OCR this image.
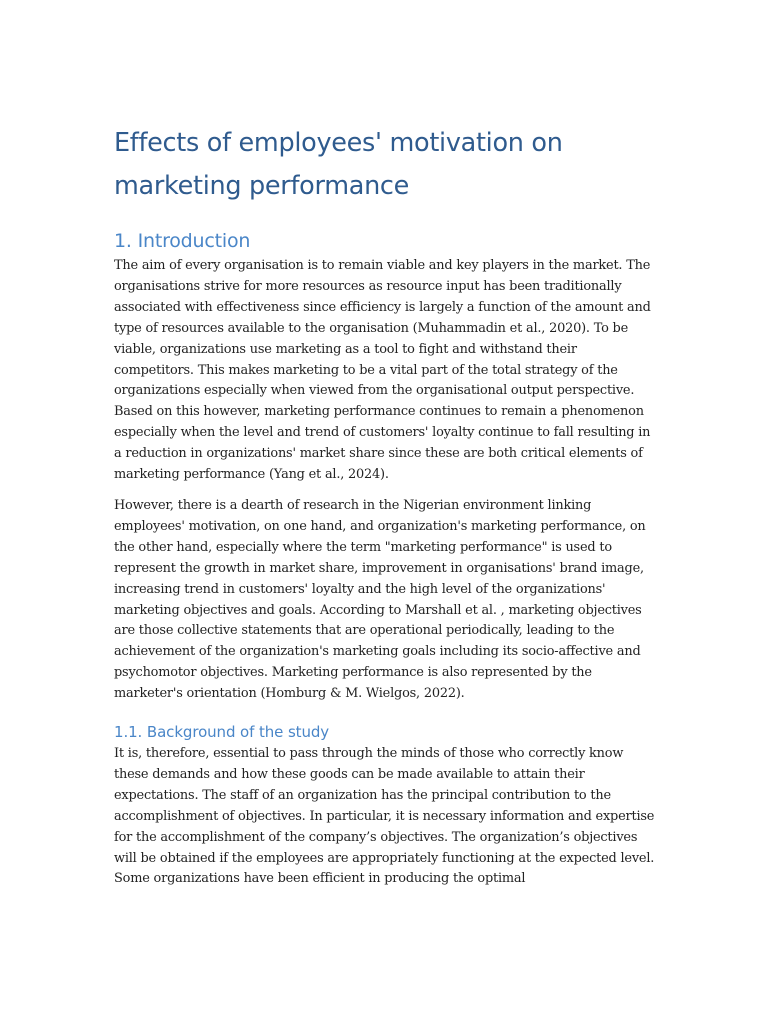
Effects of employees' motivation on marketing performance
1. Introduction

The aim of every organisation is to remain viable and key players in the market. The organisations strive for more resources as resource input has been traditionally associated with effectiveness since efficiency is largely a function of the amount and type of resources available to the organisation (Muhammadin et al., 2020). To be viable, organizations use marketing as a tool to fight and withstand their competitors. This makes marketing to be a vital part of the total strategy of the organizations especially when viewed from the organisational output perspective. Based on this however, marketing performance continues to remain a phenomenon especially when the level and trend of customers' loyalty continue to fall resulting in a reduction in organizations' market share since these are both critical elements of marketing performance (Yang et al., 2024).

However, there is a dearth of research in the Nigerian environment linking employees' motivation, on one hand, and organization's marketing performance, on the other hand, especially where the term "marketing performance" is used to represent the growth in market share, improvement in organisations' brand image, increasing trend in customers' loyalty and the high level of the organizations' marketing objectives and goals. According to Marshall et al. , marketing objectives are those collective statements that are operational periodically, leading to the achievement of the organization's marketing goals including its socio-affective and psychomotor objectives. Marketing performance is also represented by the marketer's orientation (Homburg & M. Wielgos, 2022).

1.1. Background of the study

It is, therefore, essential to pass through the minds of those who correctly know these demands and how these goods can be made available to attain their expectations. The staff of an organization has the principal contribution to the accomplishment of objectives. In particular, it is necessary information and expertise for the accomplishment of the company’s objectives. The organization’s objectives will be obtained if the employees are appropriately functioning at the expected level. Some organizations have been efficient in producing the optimal
